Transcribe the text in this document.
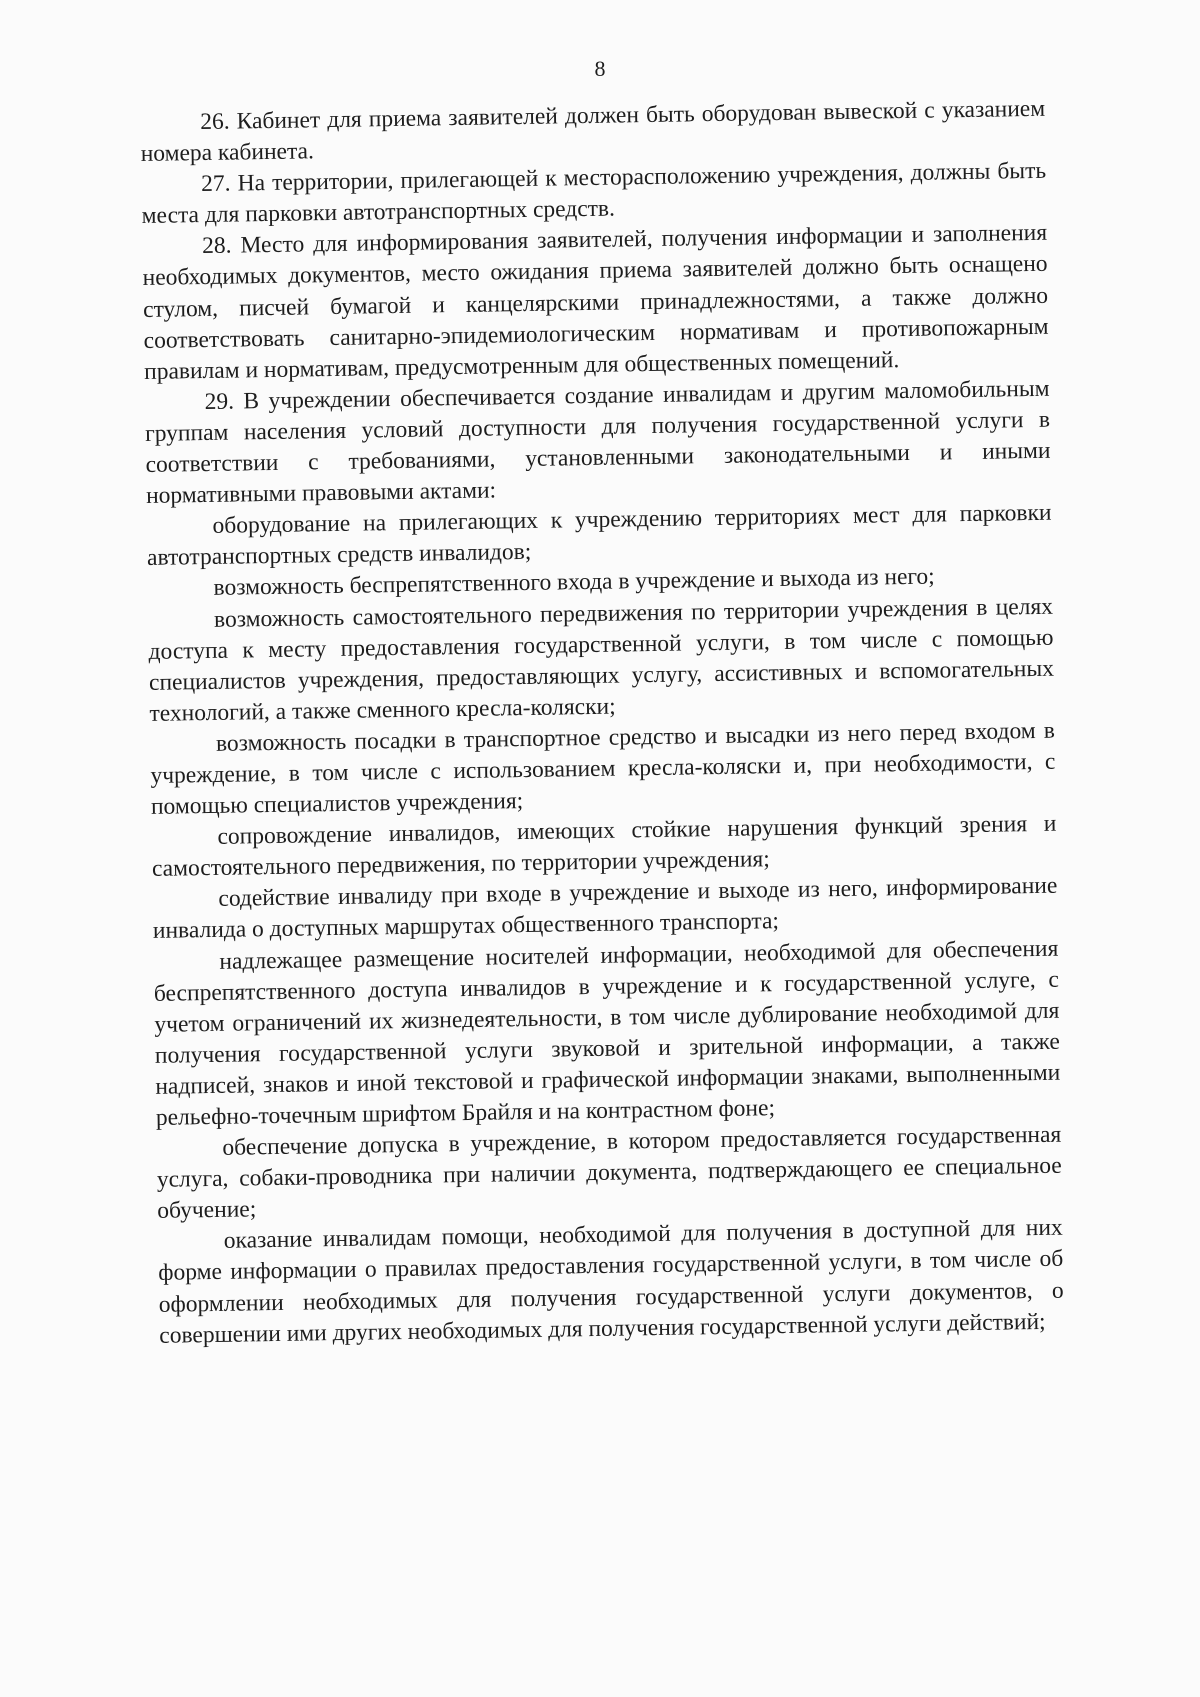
8

26. Кабинет для приема заявителей должен быть оборудован вывеской с указанием номера кабинета.

27. На территории, прилегающей к месторасположению учреждения, должны быть места для парковки автотранспортных средств.

28. Место для информирования заявителей, получения информации и заполнения необходимых документов, место ожидания приема заявителей должно быть оснащено стулом, писчей бумагой и канцелярскими принадлежностями, а также должно соответствовать санитарно-эпидемиологическим нормативам и противопожарным правилам и нормативам, предусмотренным для общественных помещений.

29. В учреждении обеспечивается создание инвалидам и другим маломобильным группам населения условий доступности для получения государственной услуги в соответствии с требованиями, установленными законодательными и иными нормативными правовыми актами:

оборудование на прилегающих к учреждению территориях мест для парковки автотранспортных средств инвалидов;

возможность беспрепятственного входа в учреждение и выхода из него;

возможность самостоятельного передвижения по территории учреждения в целях доступа к месту предоставления государственной услуги, в том числе с помощью специалистов учреждения, предоставляющих услугу, ассистивных и вспомогательных технологий, а также сменного кресла-коляски;

возможность посадки в транспортное средство и высадки из него перед входом в учреждение, в том числе с использованием кресла-коляски и, при необходимости, с помощью специалистов учреждения;

сопровождение инвалидов, имеющих стойкие нарушения функций зрения и самостоятельного передвижения, по территории учреждения;

содействие инвалиду при входе в учреждение и выходе из него, информирование инвалида о доступных маршрутах общественного транспорта;

надлежащее размещение носителей информации, необходимой для обеспечения беспрепятственного доступа инвалидов в учреждение и к государственной услуге, с учетом ограничений их жизнедеятельности, в том числе дублирование необходимой для получения государственной услуги звуковой и зрительной информации, а также надписей, знаков и иной текстовой и графической информации знаками, выполненными рельефно-точечным шрифтом Брайля и на контрастном фоне;

обеспечение допуска в учреждение, в котором предоставляется государственная услуга, собаки-проводника при наличии документа, подтверждающего ее специальное обучение;

оказание инвалидам помощи, необходимой для получения в доступной для них форме информации о правилах предоставления государственной услуги, в том числе об оформлении необходимых для получения государственной услуги документов, о совершении ими других необходимых для получения государственной услуги действий;
